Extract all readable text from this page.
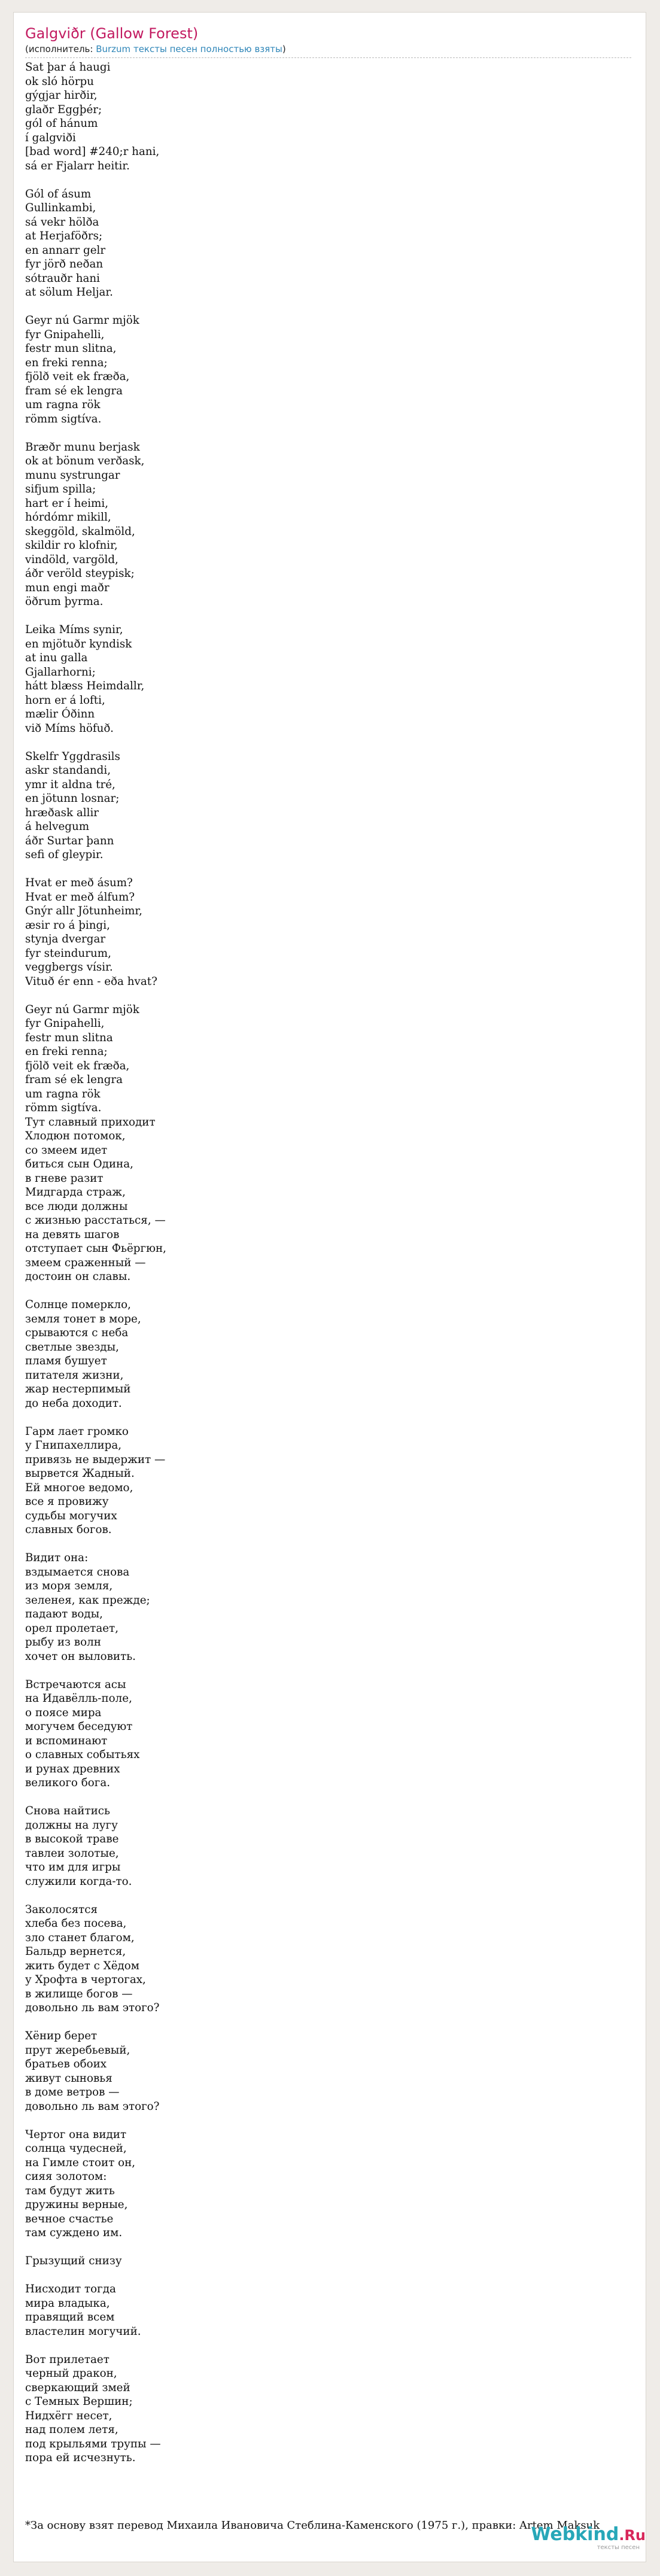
Galgviðr (Gallow Forest)
(исполнитель: Burzum тексты песен полностью взяты)
Sat þar á haugi
ok sló hörpu
gýgjar hirðir,
glaðr Eggþér;
gól of hánum
í galgviði
[bad word] #240;r hani,
sá er Fjalarr heitir.
Gól of ásum
Gullinkambi,
sá vekr hölða
at Herjaföðrs;
en annarr gelr
fyr jörð neðan
sótrauðr hani
at sölum Heljar.
Geyr nú Garmr mjök
fyr Gnipahelli,
festr mun slitna,
en freki renna;
fjölð veit ek fræða,
fram sé ek lengra
um ragna rök
römm sigtíva.
Bræðr munu berjask
ok at bönum verðask,
munu systrungar
sifjum spilla;
hart er í heimi,
hórdómr mikill,
skeggöld, skalmöld,
skildir ro klofnir,
vindöld, vargöld,
áðr veröld steypisk;
mun engi maðr
öðrum þyrma.
Leika Míms synir,
en mjötuðr kyndisk
at inu galla
Gjallarhorni;
hátt blæss Heimdallr,
horn er á lofti,
mælir Óðinn
við Míms höfuð.
Skelfr Yggdrasils
askr standandi,
ymr it aldna tré,
en jötunn losnar;
hræðask allir
á helvegum
áðr Surtar þann
sefi of gleypir.
Hvat er með ásum?
Hvat er með álfum?
Gnýr allr Jötunheimr,
æsir ro á þingi,
stynja dvergar
fyr steindurum,
veggbergs vísir.
Vituð ér enn - eða hvat?
Geyr nú Garmr mjök
fyr Gnipahelli,
festr mun slitna
en freki renna;
fjölð veit ek fræða,
fram sé ek lengra
um ragna rök
römm sigtíva.
Тут славный приходит
Хлодюн потомок,
со змеем идет
биться сын Одина,
в гневе разит
Мидгарда страж,
все люди должны
с жизнью расстаться, —
на девять шагов
отступает сын Фьёргюн,
змеем сраженный —
достоин он славы.
Солнце померкло,
земля тонет в море,
срываются с неба
светлые звезды,
пламя бушует
питателя жизни,
жар нестерпимый
до неба доходит.
Гарм лает громко
у Гнипахеллира,
привязь не выдержит —
вырвется Жадный.
Ей многое ведомо,
все я провижу
судьбы могучих
славных богов.
Видит она:
вздымается снова
из моря земля,
зеленея, как прежде;
падают воды,
орел пролетает,
рыбу из волн
хочет он выловить.
Встречаются асы
на Идавёлль-поле,
о поясе мира
могучем беседуют
и вспоминают
о славных событьях
и рунах древних
великого бога.
Снова найтись
должны на лугу
в высокой траве
тавлеи золотые,
что им для игры
служили когда-то.
Заколосятся
хлеба без посева,
зло станет благом,
Бальдр вернется,
жить будет с Хёдом
у Хрофта в чертогах,
в жилище богов —
довольно ль вам этого?
Хёнир берет
прут жеребьевый,
братьев обоих
живут сыновья
в доме ветров —
довольно ль вам этого?
Чертог она видит
солнца чудесней,
на Гимле стоит он,
сияя золотом:
там будут жить
дружины верные,
вечное счастье
там суждено им.
Грызущий снизу
Нисходит тогда
мира владыка,
правящий всем
властелин могучий.
Вот прилетает
черный дракон,
сверкающий змей
с Темных Вершин;
Нидхёгг несет,
над полем летя,
под крыльями трупы —
пора ей исчезнуть.
*За основу взят перевод Михаила Ивановича Стеблина-Каменского (1975 г.), правки: Artem Maksuk
Webkind.Ru
тексты песен
